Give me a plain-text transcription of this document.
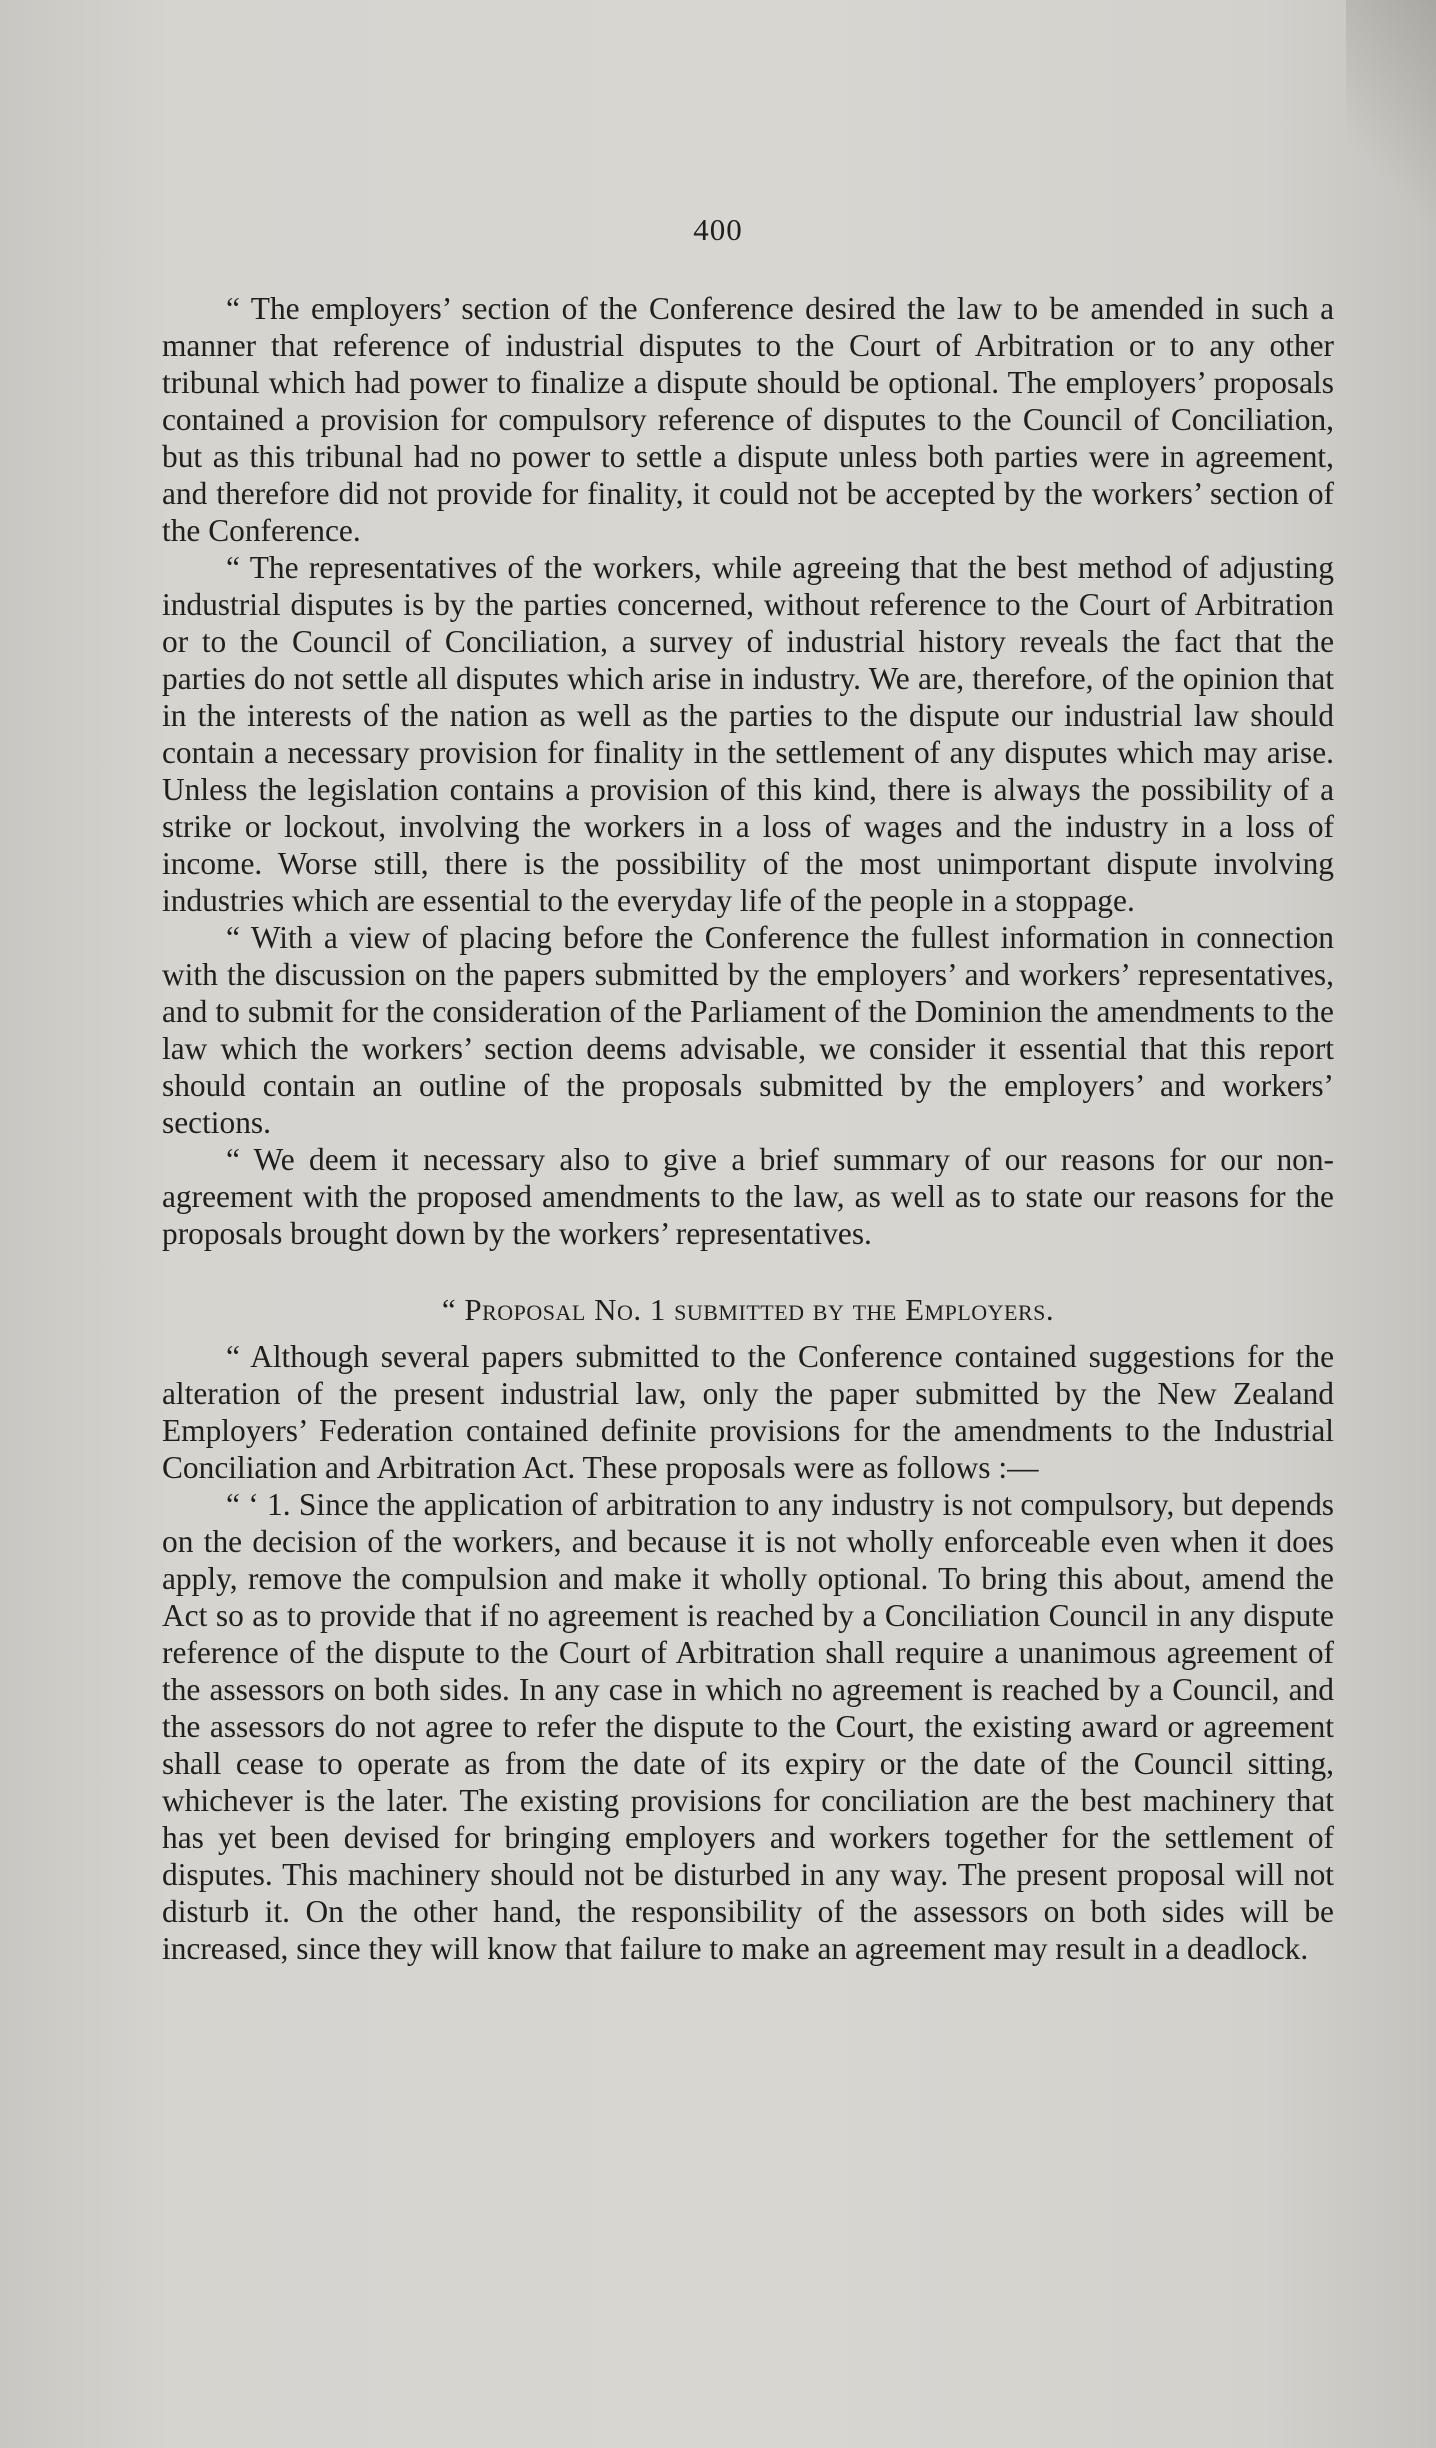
400

“ The employers’ section of the Conference desired the law to be amended in such a manner that reference of industrial disputes to the Court of Arbitration or to any other tribunal which had power to finalize a dispute should be optional. The employers’ proposals contained a provision for compulsory reference of disputes to the Council of Conciliation, but as this tribunal had no power to settle a dispute unless both parties were in agreement, and therefore did not provide for finality, it could not be accepted by the workers’ section of the Conference.

“ The representatives of the workers, while agreeing that the best method of adjusting industrial disputes is by the parties concerned, without reference to the Court of Arbitration or to the Council of Conciliation, a survey of industrial history reveals the fact that the parties do not settle all disputes which arise in industry. We are, therefore, of the opinion that in the interests of the nation as well as the parties to the dispute our industrial law should contain a necessary provision for finality in the settlement of any disputes which may arise. Unless the legislation contains a provision of this kind, there is always the possibility of a strike or lockout, involving the workers in a loss of wages and the industry in a loss of income. Worse still, there is the possibility of the most unimportant dispute involving industries which are essential to the everyday life of the people in a stoppage.

“ With a view of placing before the Conference the fullest information in connection with the discussion on the papers submitted by the employers’ and workers’ representatives, and to submit for the consideration of the Parliament of the Dominion the amendments to the law which the workers’ section deems advisable, we consider it essential that this report should contain an outline of the proposals submitted by the employers’ and workers’ sections.

“ We deem it necessary also to give a brief summary of our reasons for our non-agreement with the proposed amendments to the law, as well as to state our reasons for the proposals brought down by the workers’ representatives.

“ Proposal No. 1 submitted by the Employers.

“ Although several papers submitted to the Conference contained suggestions for the alteration of the present industrial law, only the paper submitted by the New Zealand Employers’ Federation contained definite provisions for the amendments to the Industrial Conciliation and Arbitration Act. These proposals were as follows :—

“ ‘ 1. Since the application of arbitration to any industry is not compulsory, but depends on the decision of the workers, and because it is not wholly enforceable even when it does apply, remove the compulsion and make it wholly optional. To bring this about, amend the Act so as to provide that if no agreement is reached by a Conciliation Council in any dispute reference of the dispute to the Court of Arbitration shall require a unanimous agreement of the assessors on both sides. In any case in which no agreement is reached by a Council, and the assessors do not agree to refer the dispute to the Court, the existing award or agreement shall cease to operate as from the date of its expiry or the date of the Council sitting, whichever is the later. The existing provisions for conciliation are the best machinery that has yet been devised for bringing employers and workers together for the settlement of disputes. This machinery should not be disturbed in any way. The present proposal will not disturb it. On the other hand, the responsibility of the assessors on both sides will be increased, since they will know that failure to make an agreement may result in a deadlock.
